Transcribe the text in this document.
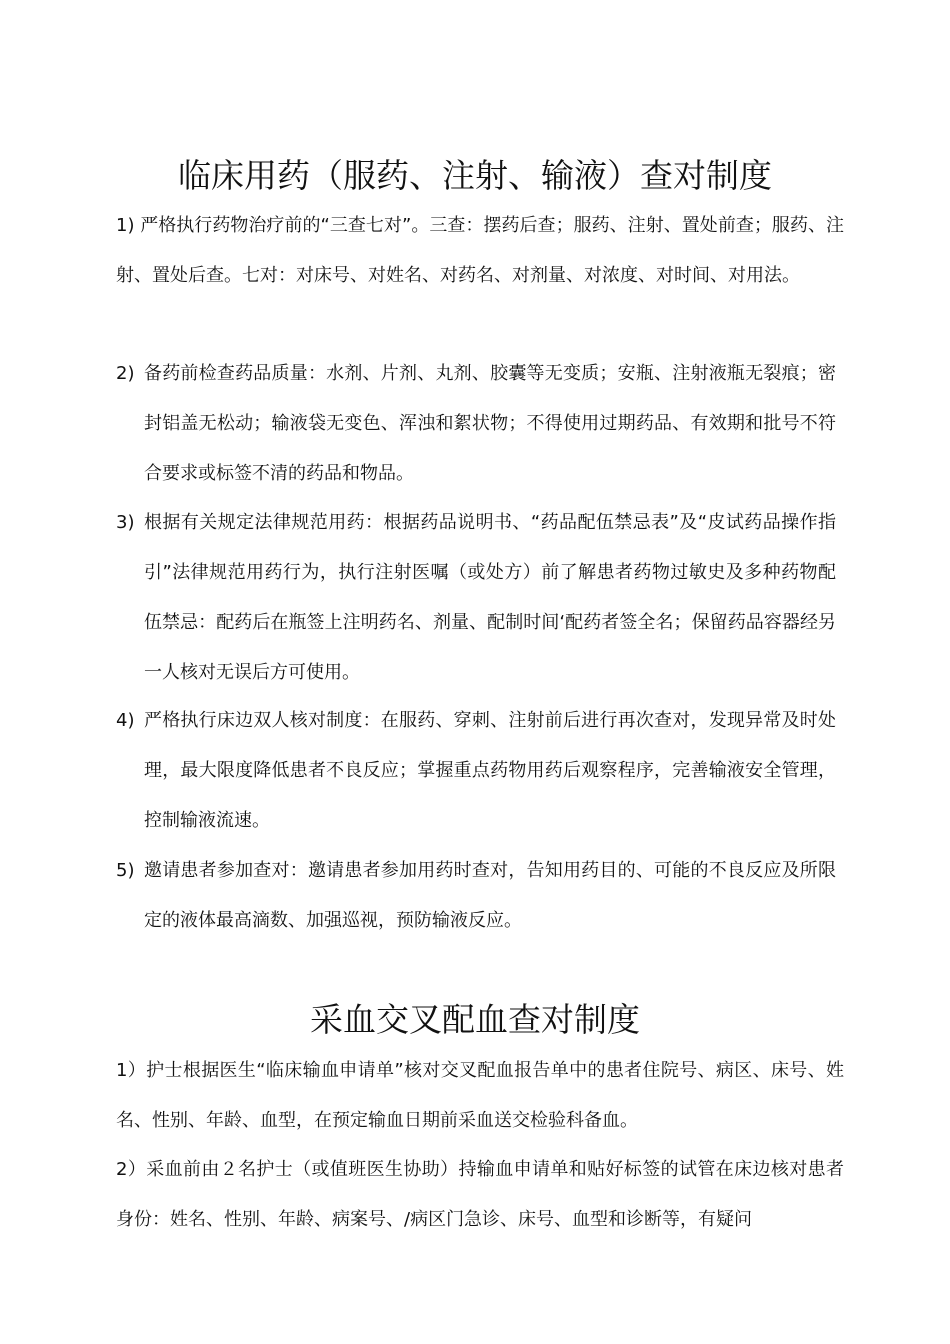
临床用药（服药、注射、输液）查对制度

1) 严格执行药物治疗前的“三查七对”。三查：摆药后查；服药、注射、置处前查；服药、注射、置处后查。七对：对床号、对姓名、对药名、对剂量、对浓度、对时间、对用法。

2) 备药前检查药品质量：水剂、片剂、丸剂、胶囊等无变质；安瓶、注射液瓶无裂痕；密封铝盖无松动；输液袋无变色、浑浊和絮状物；不得使用过期药品、有效期和批号不符合要求或标签不清的药品和物品。
3) 根据有关规定法律规范用药：根据药品说明书、“药品配伍禁忌表”及“皮试药品操作指引”法律规范用药行为，执行注射医嘱（或处方）前了解患者药物过敏史及多种药物配伍禁忌：配药后在瓶签上注明药名、剂量、配制时间‘配药者签全名；保留药品容器经另一人核对无误后方可使用。
4) 严格执行床边双人核对制度：在服药、穿刺、注射前后进行再次查对，发现异常及时处理，最大限度降低患者不良反应；掌握重点药物用药后观察程序，完善输液安全管理，控制输液流速。
5) 邀请患者参加查对：邀请患者参加用药时查对，告知用药目的、可能的不良反应及所限定的液体最高滴数、加强巡视，预防输液反应。
采血交叉配血查对制度

1）护士根据医生“临床输血申请单”核对交叉配血报告单中的患者住院号、病区、床号、姓名、性别、年龄、血型，在预定输血日期前采血送交检验科备血。

2）采血前由２名护士（或值班医生协助）持输血申请单和贴好标签的试管在床边核对患者身份：姓名、性别、年龄、病案号、/病区门急诊、床号、血型和诊断等，有疑问
